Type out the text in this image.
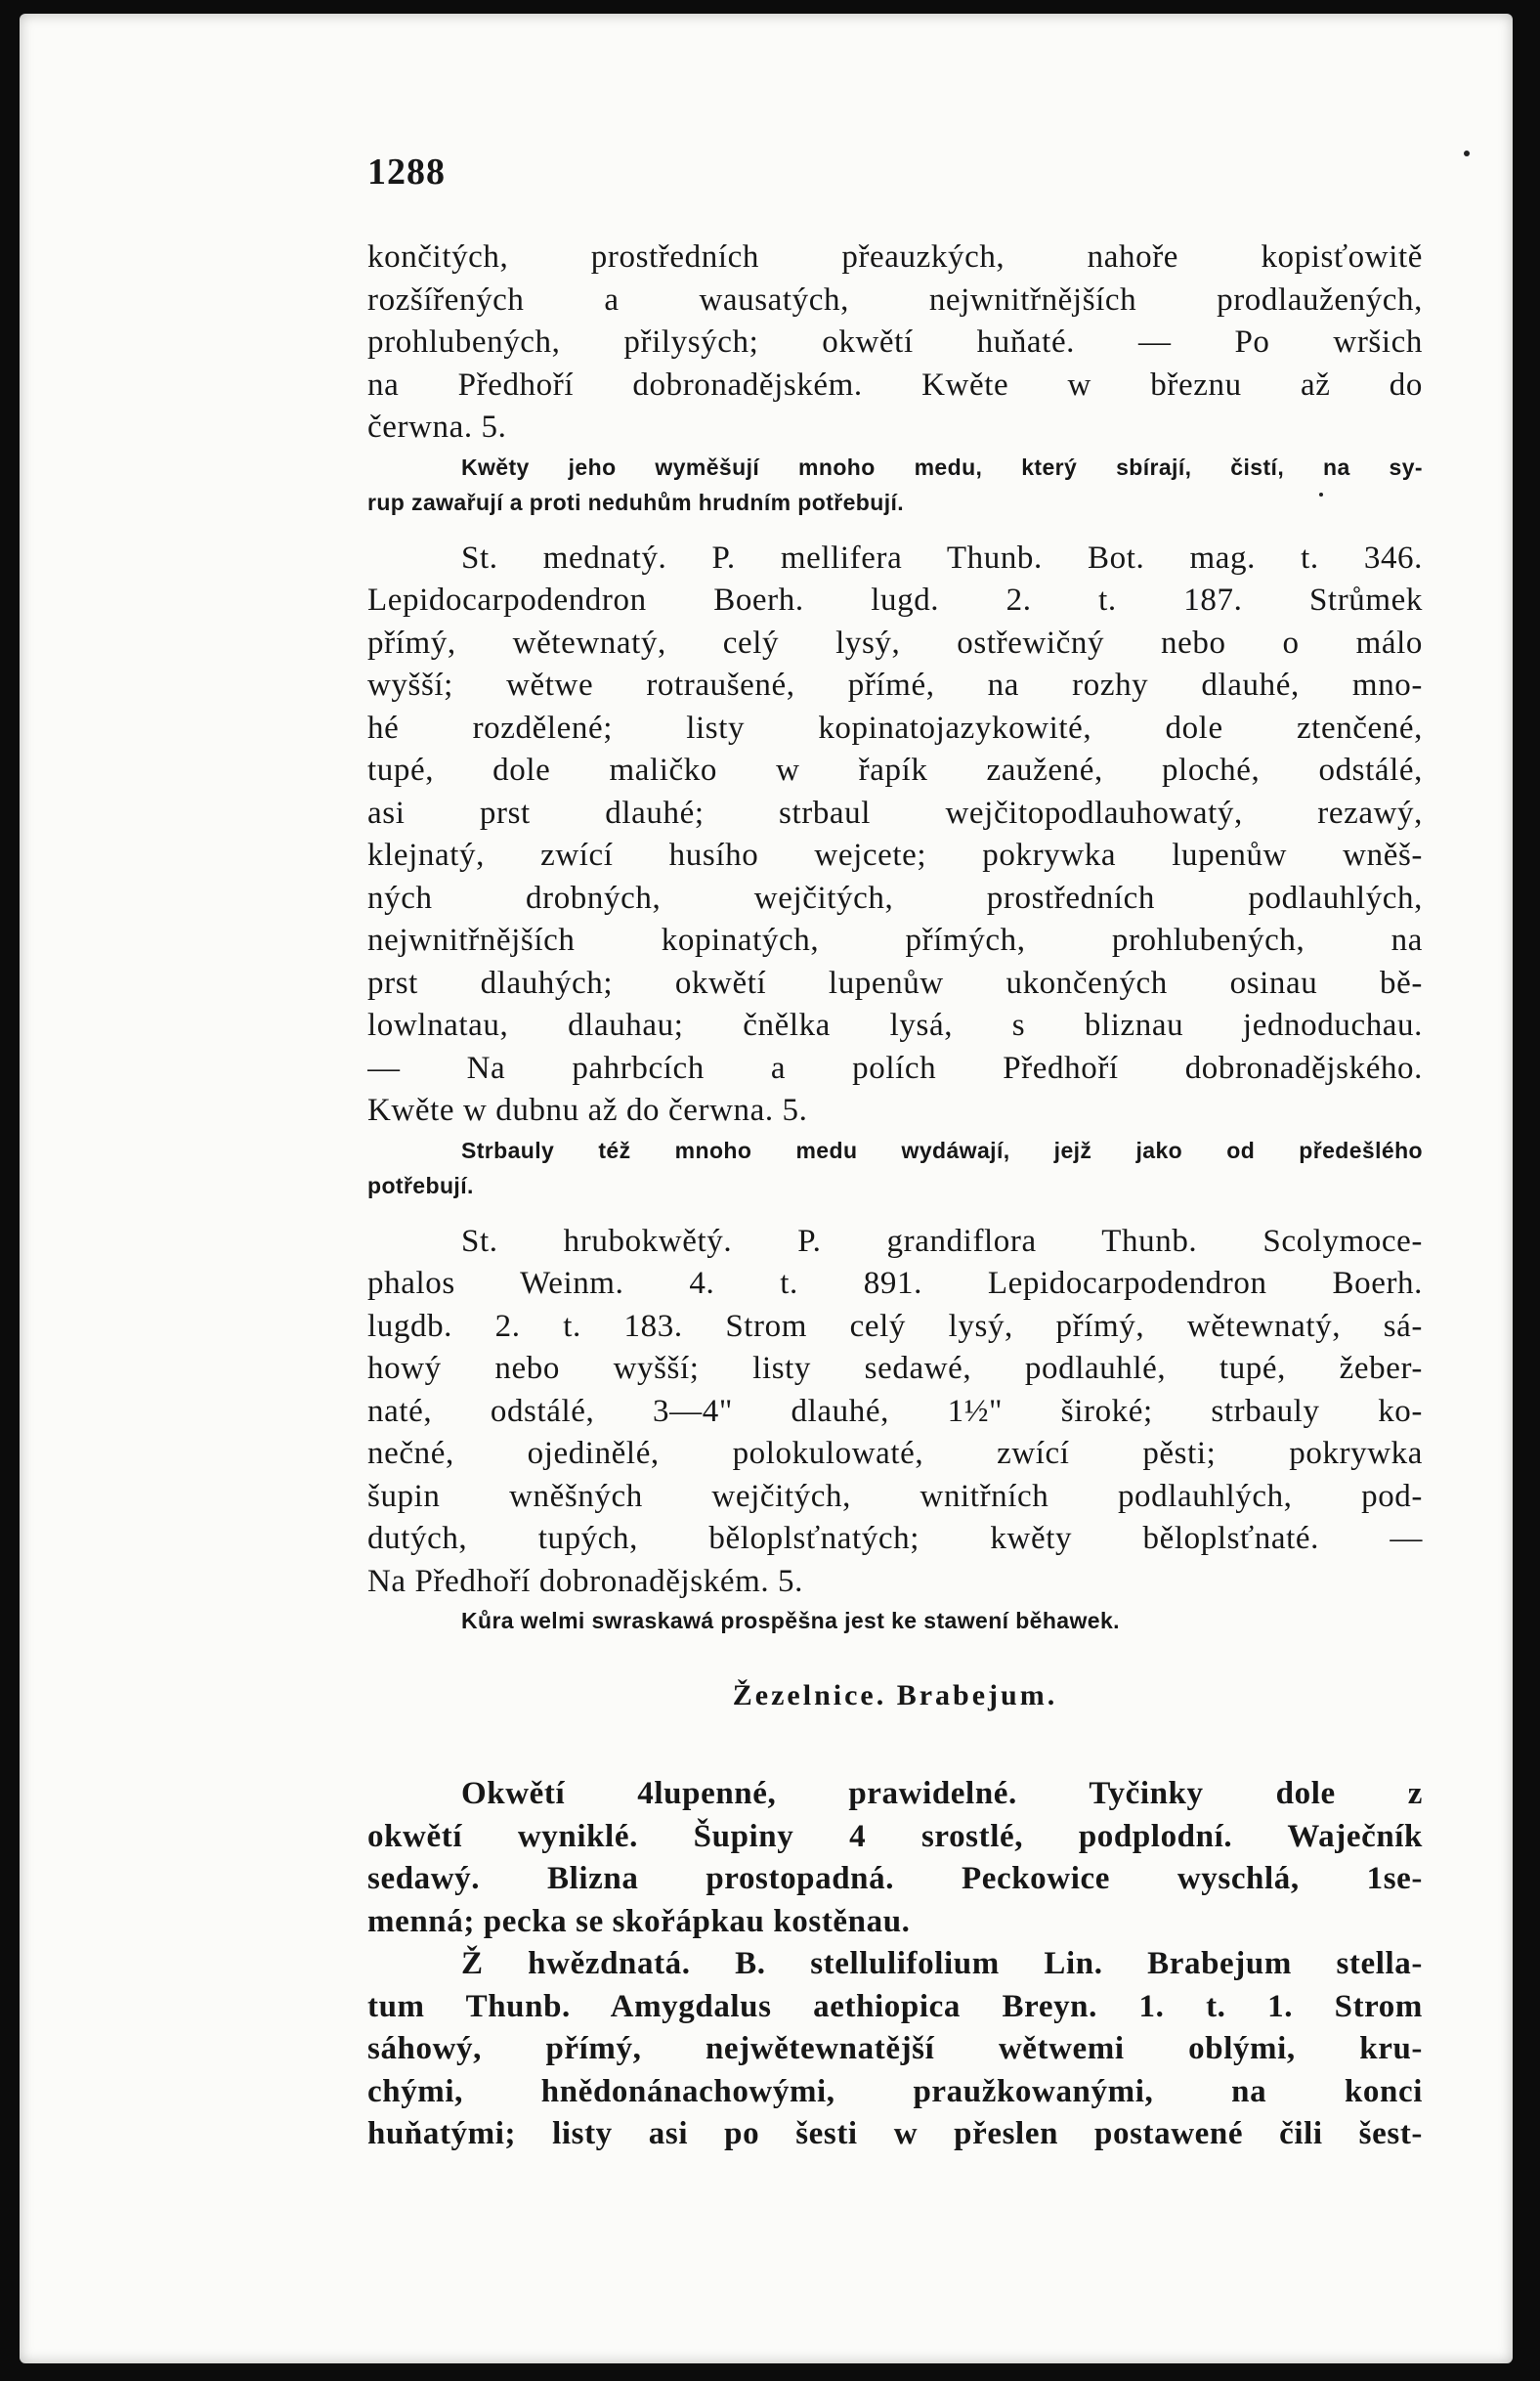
1288
končitých, prostředních přeauzkých, nahoře kopisťowitě
rozšířených a wausatých, nejwnitřnějších prodlaužených,
prohlubených, přilysých; okwětí huňaté. — Po wršich
na Předhoří dobronadějském. Kwěte w březnu až do
čerwna. 5.
Kwěty jeho wyměšují mnoho medu, který sbírají, čistí, na sy-
rup zawařují a proti neduhům hrudním potřebují.
St. mednatý. P. mellifera Thunb. Bot. mag. t. 346.
Lepidocarpodendron Boerh. lugd. 2. t. 187. Strůmek
přímý, wětewnatý, celý lysý, ostřewičný nebo o málo
wyšší; wětwe rotraušené, přímé, na rozhy dlauhé, mno-
hé rozdělené; listy kopinatojazykowité, dole ztenčené,
tupé, dole maličko w řapík zaužené, ploché, odstálé,
asi prst dlauhé; strbaul wejčitopodlauhowatý, rezawý,
klejnatý, zwící husího wejcete; pokrywka lupenůw wněš-
ných drobných, wejčitých, prostředních podlauhlých,
nejwnitřnějších kopinatých, přímých, prohlubených, na
prst dlauhých; okwětí lupenůw ukončených osinau bě-
lowlnatau, dlauhau; čnělka lysá, s bliznau jednoduchau.
— Na pahrbcích a polích Předhoří dobronadějského.
Kwěte w dubnu až do čerwna. 5.
Strbauly též mnoho medu wydáwají, jejž jako od předešlého
potřebují.
St. hrubokwětý. P. grandiflora Thunb. Scolymoce-
phalos Weinm. 4. t. 891. Lepidocarpodendron Boerh.
lugdb. 2. t. 183. Strom celý lysý, přímý, wětewnatý, sá-
howý nebo wyšší; listy sedawé, podlauhlé, tupé, žeber-
naté, odstálé, 3—4" dlauhé, 1½" široké; strbauly ko-
nečné, ojedinělé, polokulowaté, zwící pěsti; pokrywka
šupin wněšných wejčitých, wnitřních podlauhlých, pod-
dutých, tupých, běloplsťnatých; kwěty běloplsťnaté. —
Na Předhoří dobronadějském. 5.
Kůra welmi swraskawá prospěšna jest ke stawení běhawek.
Žezelnice. Brabejum.
Okwětí 4lupenné, prawidelné. Tyčinky dole z
okwětí wyniklé. Šupiny 4 srostlé, podplodní. Waječník
sedawý. Blizna prostopadná. Peckowice wyschlá, 1se-
menná; pecka se skořápkau kostěnau.
Ž hwězdnatá. B. stellulifolium Lin. Brabejum stella-
tum Thunb. Amygdalus aethiopica Breyn. 1. t. 1. Strom
sáhowý, přímý, nejwětewnatější wětwemi oblými, kru-
chými, hnědonánachowými, praužkowanými, na konci
huňatými; listy asi po šesti w přeslen postawené čili šest-
